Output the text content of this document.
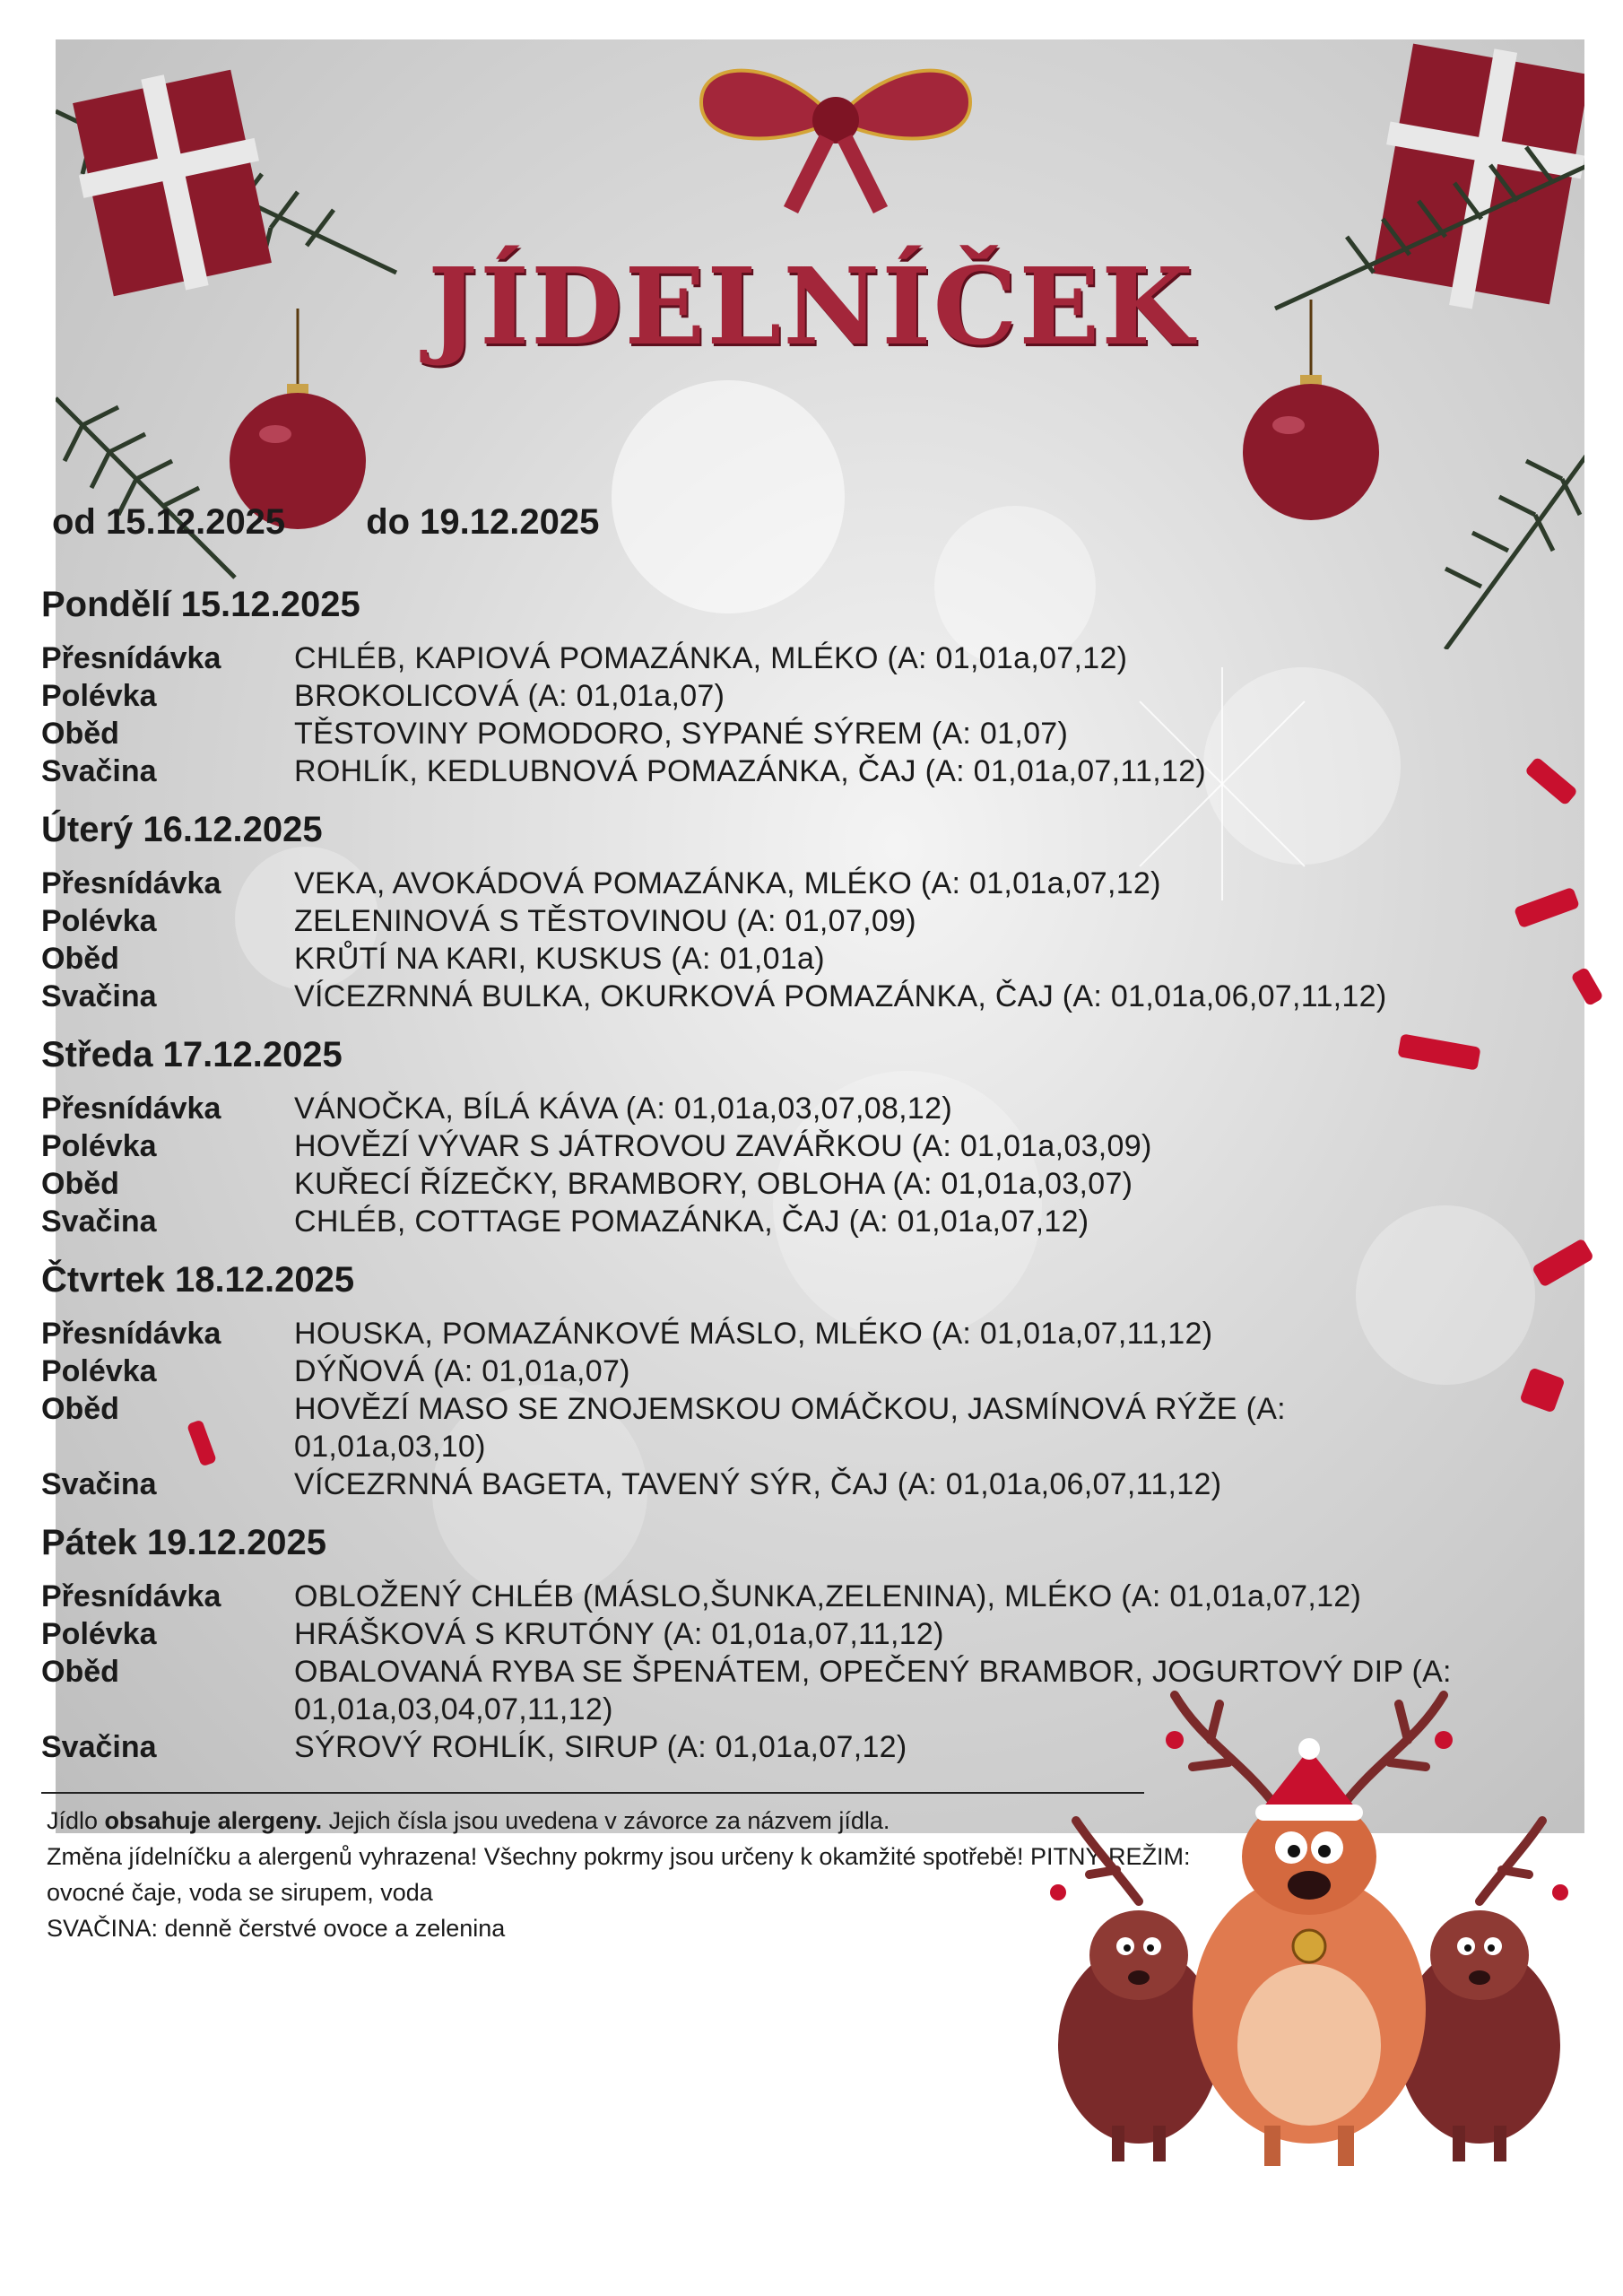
JÍDELNÍČEK
od 15.12.2025 do 19.12.2025
Pondělí 15.12.2025
Přesnídávka	CHLÉB, KAPIOVÁ POMAZÁNKA, MLÉKO (A: 01,01a,07,12)
Polévka	BROKOLICOVÁ (A: 01,01a,07)
Oběd	TĚSTOVINY POMODORO, SYPANÉ SÝREM (A: 01,07)
Svačina	ROHLÍK, KEDLUBNOVÁ POMAZÁNKA, ČAJ (A: 01,01a,07,11,12)
Úterý 16.12.2025
Přesnídávka	VEKA, AVOKÁDOVÁ POMAZÁNKA, MLÉKO (A: 01,01a,07,12)
Polévka	ZELENINOVÁ S TĚSTOVINOU (A: 01,07,09)
Oběd	KRŮTÍ NA KARI, KUSKUS (A: 01,01a)
Svačina	VÍCEZRNNÁ BULKA, OKURKOVÁ POMAZÁNKA, ČAJ (A: 01,01a,06,07,11,12)
Středa 17.12.2025
Přesnídávka	VÁNOČKA, BÍLÁ KÁVA (A: 01,01a,03,07,08,12)
Polévka	HOVĚZÍ VÝVAR S JÁTROVOU ZAVÁŘKOU (A: 01,01a,03,09)
Oběd	KUŘECÍ ŘÍZEČKY, BRAMBORY, OBLOHA (A: 01,01a,03,07)
Svačina	CHLÉB, COTTAGE POMAZÁNKA, ČAJ (A: 01,01a,07,12)
Čtvrtek 18.12.2025
Přesnídávka	HOUSKA, POMAZÁNKOVÉ MÁSLO, MLÉKO (A: 01,01a,07,11,12)
Polévka	DÝŇOVÁ (A: 01,01a,07)
Oběd	HOVĚZÍ MASO SE ZNOJEMSKOU OMÁČKOU, JASMÍNOVÁ RÝŽE (A: 01,01a,03,10)
Svačina	VÍCEZRNNÁ BAGETA, TAVENÝ SÝR, ČAJ (A: 01,01a,06,07,11,12)
Pátek 19.12.2025
Přesnídávka	OBLOŽENÝ CHLÉB (MÁSLO,ŠUNKA,ZELENINA), MLÉKO (A: 01,01a,07,12)
Polévka	HRÁŠKOVÁ S KRUTÓNY (A: 01,01a,07,11,12)
Oběd	OBALOVANÁ RYBA SE ŠPENÁTEM, OPEČENÝ BRAMBOR, JOGURTOVÝ DIP (A: 01,01a,03,04,07,11,12)
Svačina	SÝROVÝ ROHLÍK, SIRUP (A: 01,01a,07,12)
Jídlo obsahuje alergeny. Jejich čísla jsou uvedena v závorce za názvem jídla.
Změna jídelníčku a alergenů vyhrazena! Všechny pokrmy jsou určeny k okamžité spotřebě! PITNÝ REŽIM:
ovocné čaje, voda se sirupem, voda
SVAČINA: denně čerstvé ovoce a zelenina
